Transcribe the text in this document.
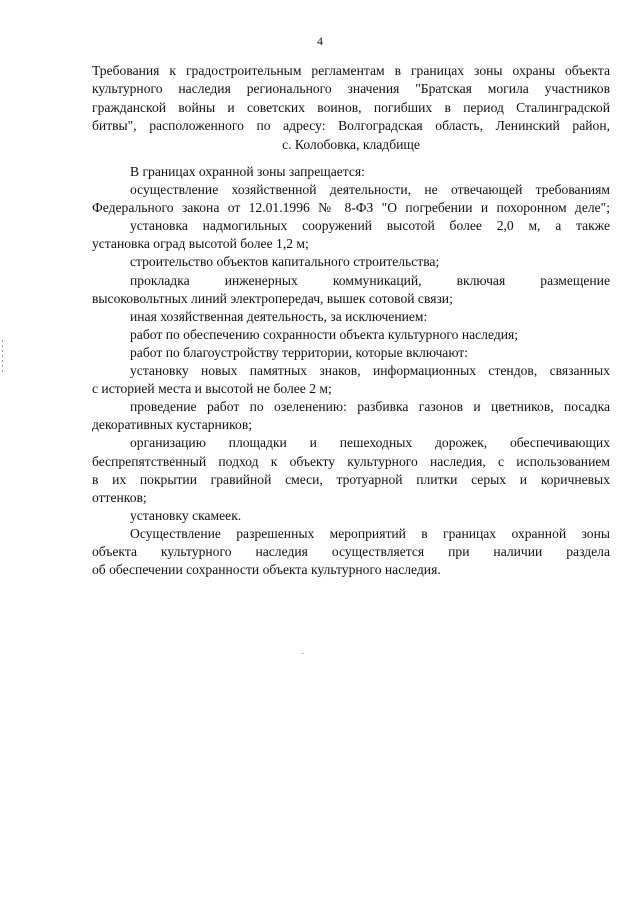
4
Требования к градостроительным регламентам в границах зоны охраны объекта
культурного наследия регионального значения "Братская могила участников
гражданской войны и советских воинов, погибших в период Сталинградской
битвы", расположенного по адресу: Волгоградская область, Ленинский район,
с. Колобовка, кладбище
В границах охранной зоны запрещается:
осуществление хозяйственной деятельности, не отвечающей требованиям
Федерального закона от 12.01.1996 № 8-ФЗ "О погребении и похоронном деле";
установка надмогильных сооружений высотой более 2,0 м, а также
установка оград высотой более 1,2 м;
строительство объектов капитального строительства;
прокладка инженерных коммуникаций, включая размещение
высоковольтных линий электропередач, вышек сотовой связи;
иная хозяйственная деятельность, за исключением:
работ по обеспечению сохранности объекта культурного наследия;
работ по благоустройству территории, которые включают:
установку новых памятных знаков, информационных стендов, связанных
с историей места и высотой не более 2 м;
проведение работ по озеленению: разбивка газонов и цветников, посадка
декоративных кустарников;
организацию площадки и пешеходных дорожек, обеспечивающих
беспрепятственный подход к объекту культурного наследия, с использованием
в их покрытии гравийной смеси, тротуарной плитки серых и коричневых
оттенков;
установку скамеек.
Осуществление разрешенных мероприятий в границах охранной зоны
объекта культурного наследия осуществляется при наличии раздела
об обеспечении сохранности объекта культурного наследия.
